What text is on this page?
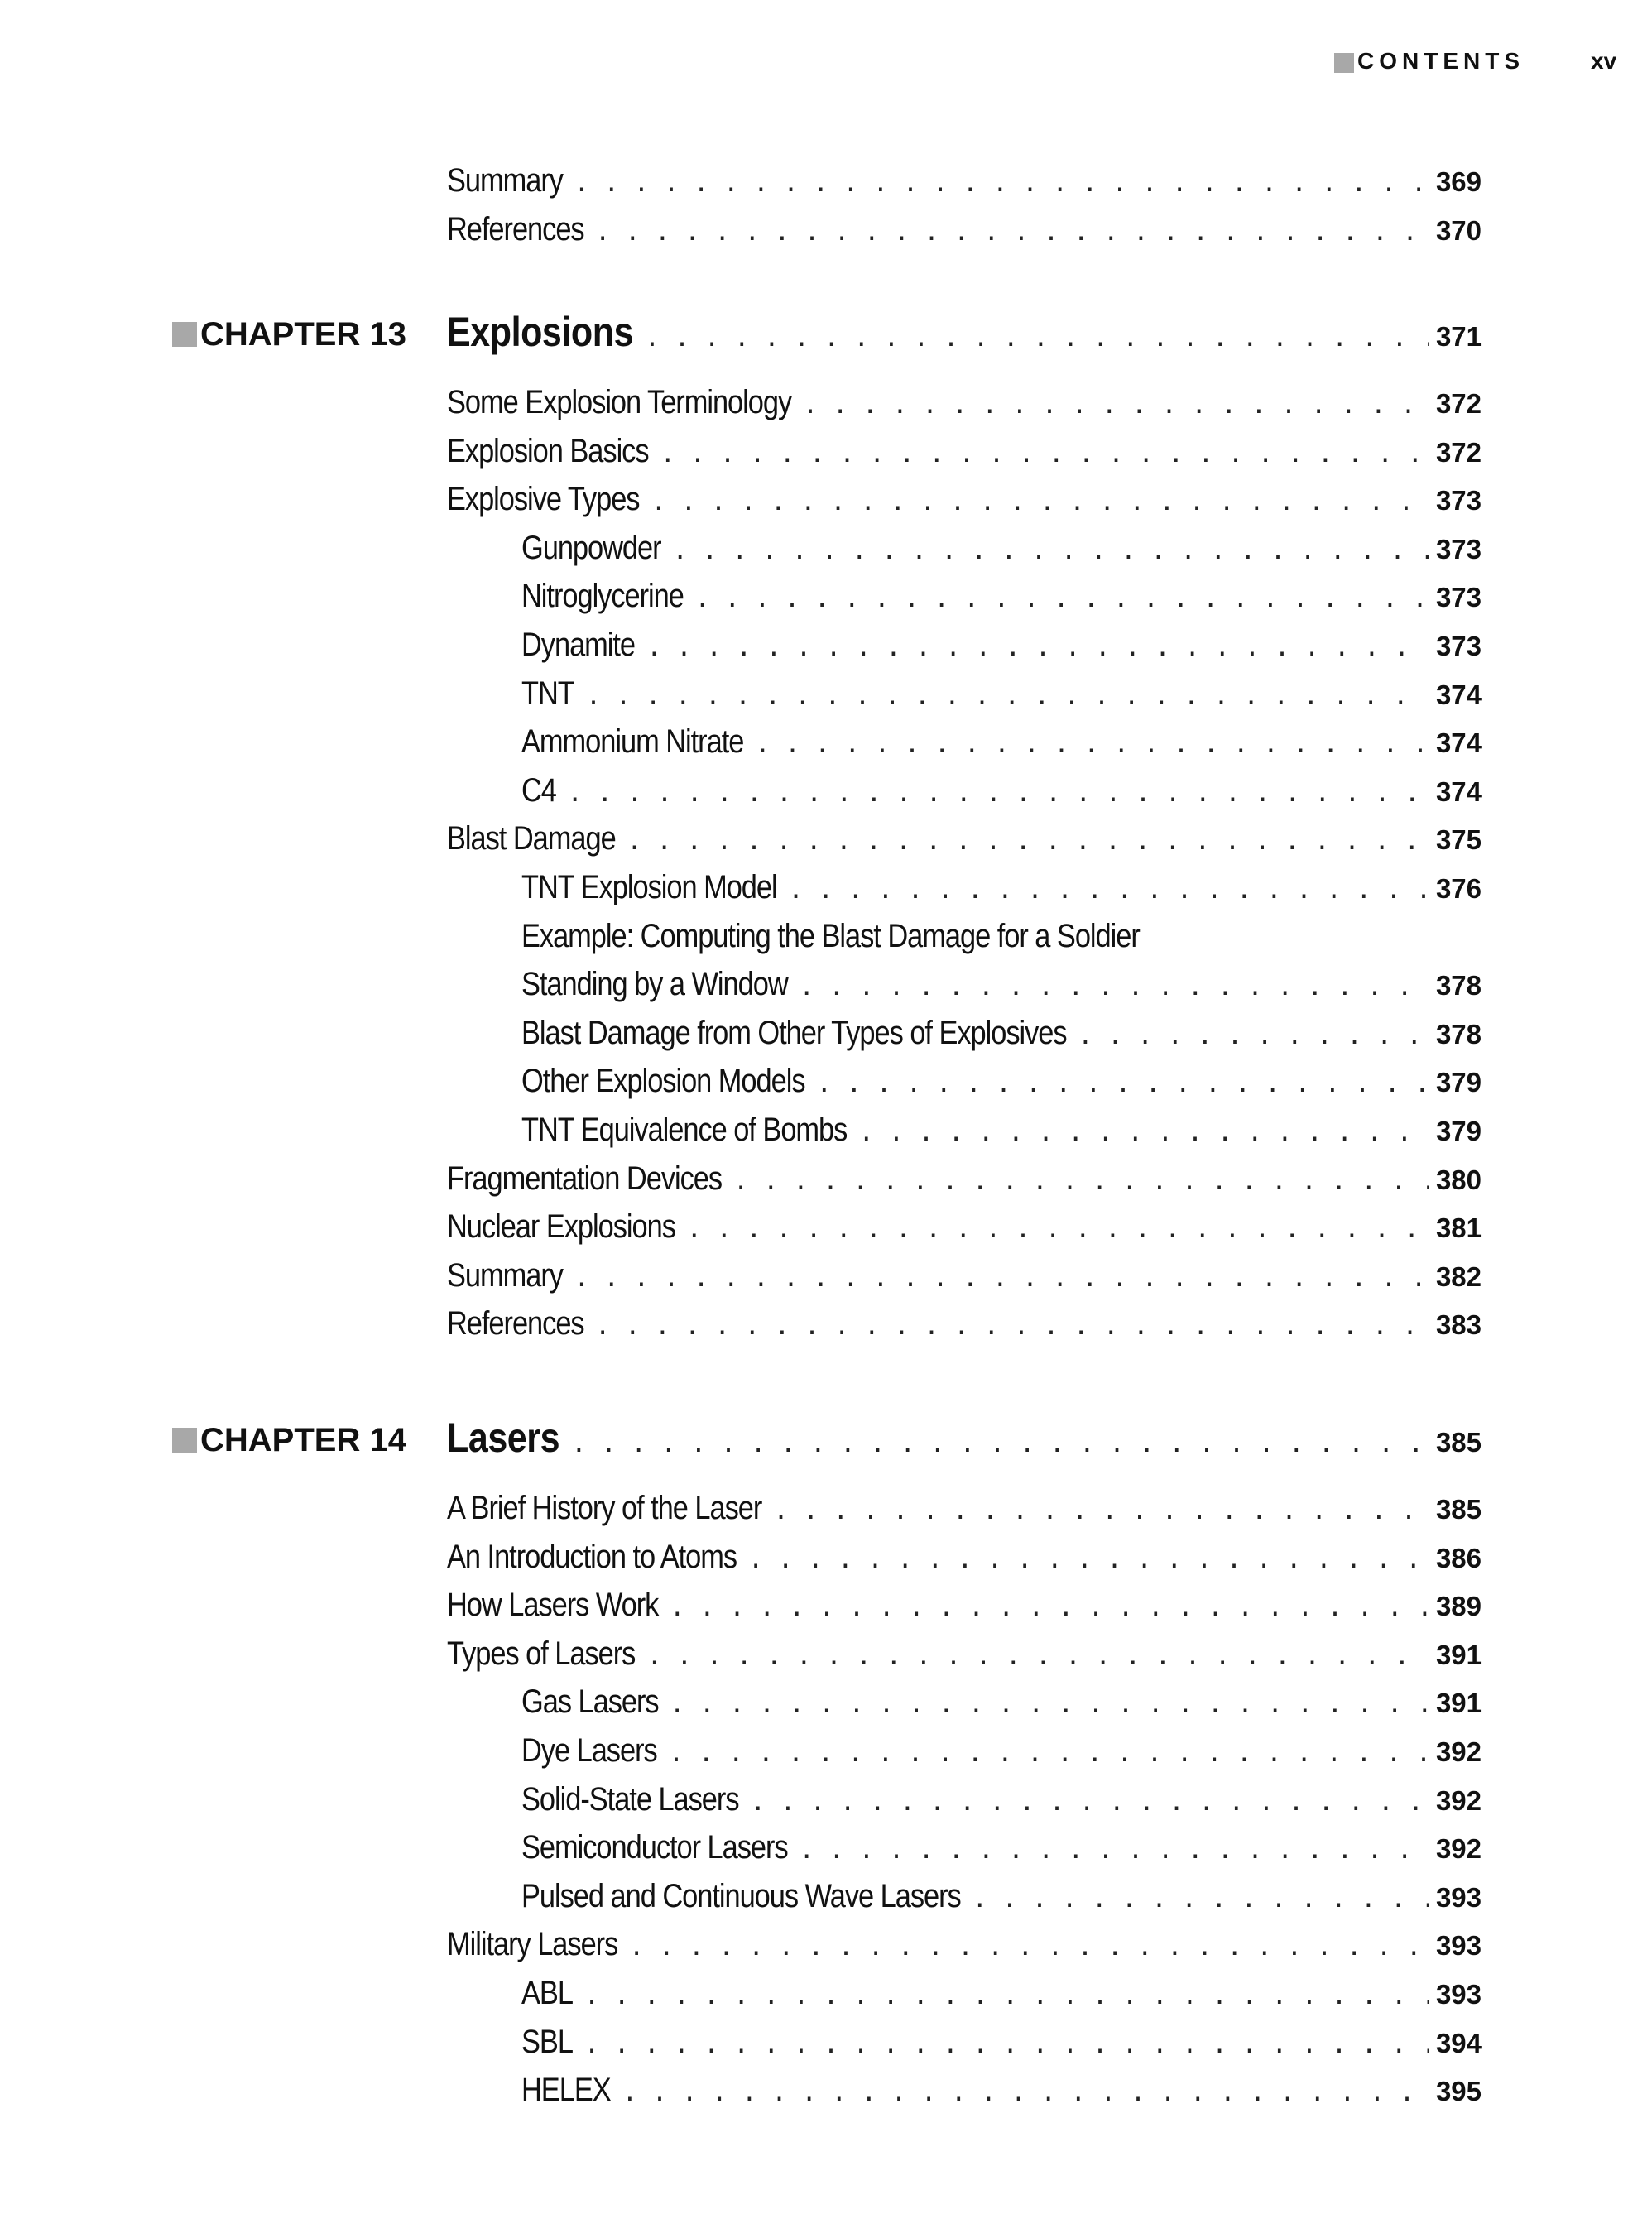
CONTENTS	xv
Summary . . .	369
References . . .	370
CHAPTER 13 Explosions . . .	371
Some Explosion Terminology . . .	372
Explosion Basics . . .	372
Explosive Types . . .	373
Gunpowder . . .	373
Nitroglycerine . . .	373
Dynamite . . .	373
TNT . . .	374
Ammonium Nitrate . . .	374
C4 . . .	374
Blast Damage . . .	375
TNT Explosion Model . . .	376
Example: Computing the Blast Damage for a Soldier
Standing by a Window . . .	378
Blast Damage from Other Types of Explosives . . .	378
Other Explosion Models . . .	379
TNT Equivalence of Bombs . . .	379
Fragmentation Devices . . .	380
Nuclear Explosions . . .	381
Summary . . .	382
References . . .	383
CHAPTER 14 Lasers . . .	385
A Brief History of the Laser . . .	385
An Introduction to Atoms . . .	386
How Lasers Work . . .	389
Types of Lasers . . .	391
Gas Lasers . . .	391
Dye Lasers . . .	392
Solid-State Lasers . . .	392
Semiconductor Lasers . . .	392
Pulsed and Continuous Wave Lasers . . .	393
Military Lasers . . .	393
ABL . . .	393
SBL . . .	394
HELEX . . .	395
